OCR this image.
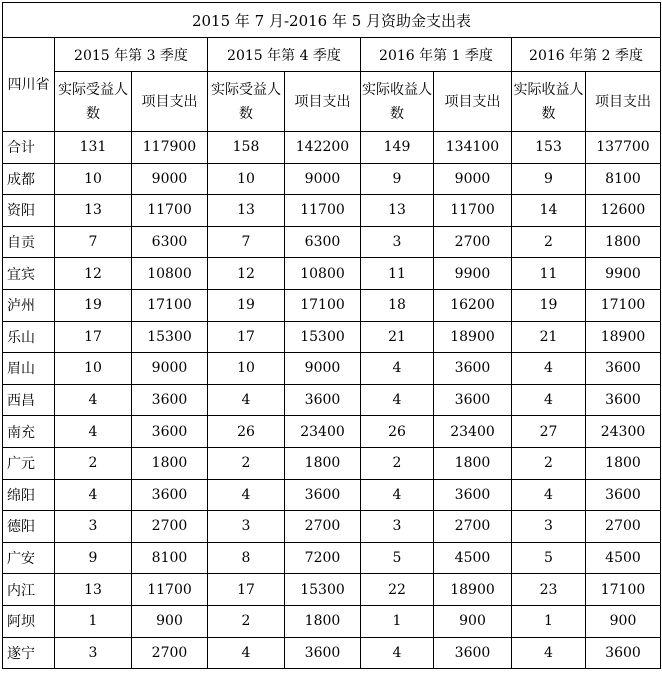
2015 年 7 月-2016 年 5 月资助金支出表								
四川省	2015 年第 3 季度		2015 年第 4 季度		2016 年第 1 季度		2016 年第 2 季度	
	实际受益人数	项目支出	实际受益人数	项目支出	实际收益人数	项目支出	实际收益人数	项目支出
合计	131	117900	158	142200	149	134100	153	137700
成都	10	9000	10	9000	9	9000	9	8100
资阳	13	11700	13	11700	13	11700	14	12600
自贡	7	6300	7	6300	3	2700	2	1800
宜宾	12	10800	12	10800	11	9900	11	9900
泸州	19	17100	19	17100	18	16200	19	17100
乐山	17	15300	17	15300	21	18900	21	18900
眉山	10	9000	10	9000	4	3600	4	3600
西昌	4	3600	4	3600	4	3600	4	3600
南充	4	3600	26	23400	26	23400	27	24300
广元	2	1800	2	1800	2	1800	2	1800
绵阳	4	3600	4	3600	4	3600	4	3600
德阳	3	2700	3	2700	3	2700	3	2700
广安	9	8100	8	7200	5	4500	5	4500
内江	13	11700	17	15300	22	18900	23	17100
阿坝	1	900	2	1800	1	900	1	900
遂宁	3	2700	4	3600	4	3600	4	3600
